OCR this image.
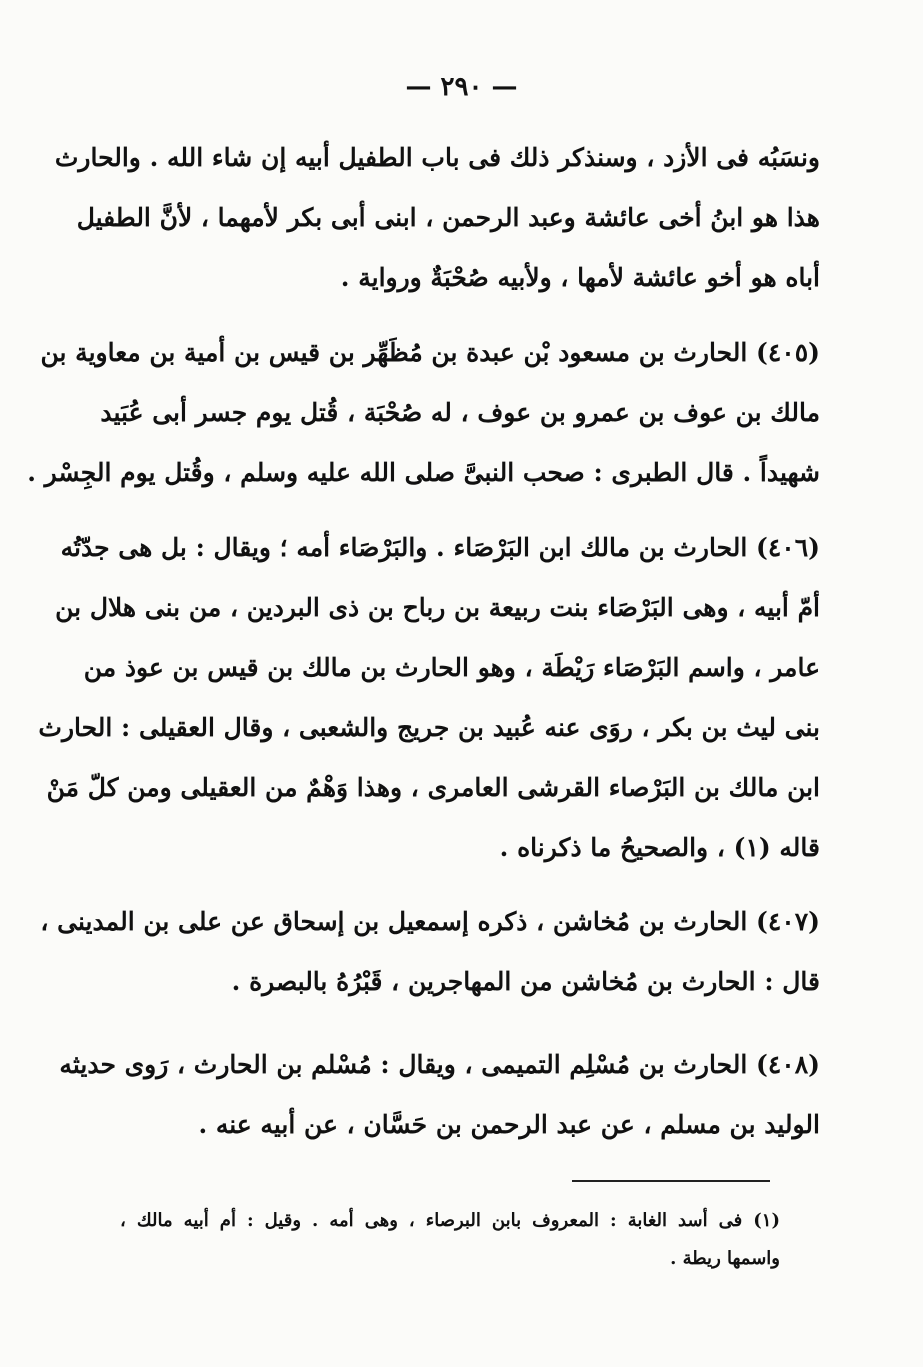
— ٢٩٠ —
ونسَبُه فى الأزد ، وسنذكر ذلك فى باب الطفيل أبيه إن شاء الله . والحارث
هذا هو ابنُ أخى عائشة وعبد الرحمن ، ابنى أبى بكر لأمهما ، لأنَّ الطفيل
أباه هو أخو عائشة لأمها ، ولأبيه صُحْبَةٌ ورواية .
(٤٠٥) الحارث بن مسعود بْن عبدة بن مُظَهِّر بن قيس بن أمية بن معاوية بن
مالك بن عوف بن عمرو بن عوف ، له صُحْبَة ، قُتل يوم جسر أبى عُبَيد
شهيداً . قال الطبرى : صحب النبىَّ صلى الله عليه وسلم ، وقُتل يوم الجِسْر .
(٤٠٦) الحارث بن مالك ابن البَرْصَاء . والبَرْصَاء أمه ؛ ويقال : بل هى جدّتُه
أمّ أبيه ، وهى البَرْصَاء بنت ربيعة بن رباح بن ذى البردين ، من بنى هلال بن
عامر ، واسم البَرْصَاء رَيْطَة ، وهو الحارث بن مالك بن قيس بن عوذ من
بنى ليث بن بكر ، روَى عنه عُبيد بن جريج والشعبى ، وقال العقيلى : الحارث
ابن مالك بن البَرْصاء القرشى العامرى ، وهذا وَهْمٌ من العقيلى ومن كلّ مَنْ
قاله (١) ، والصحيحُ ما ذكرناه .
(٤٠٧) الحارث بن مُخاشن ، ذكره إسمعيل بن إسحاق عن على بن المدينى ،
قال : الحارث بن مُخاشن من المهاجرين ، قَبْرُهُ بالبصرة .
(٤٠٨) الحارث بن مُسْلِم التميمى ، ويقال : مُسْلم بن الحارث ، رَوى حديثه
الوليد بن مسلم ، عن عبد الرحمن بن حَسَّان ، عن أبيه عنه .
(١) فى أسد الغابة : المعروف بابن البرصاء ، وهى أمه . وقيل : أم أبيه مالك ،
واسمها ريطة .
